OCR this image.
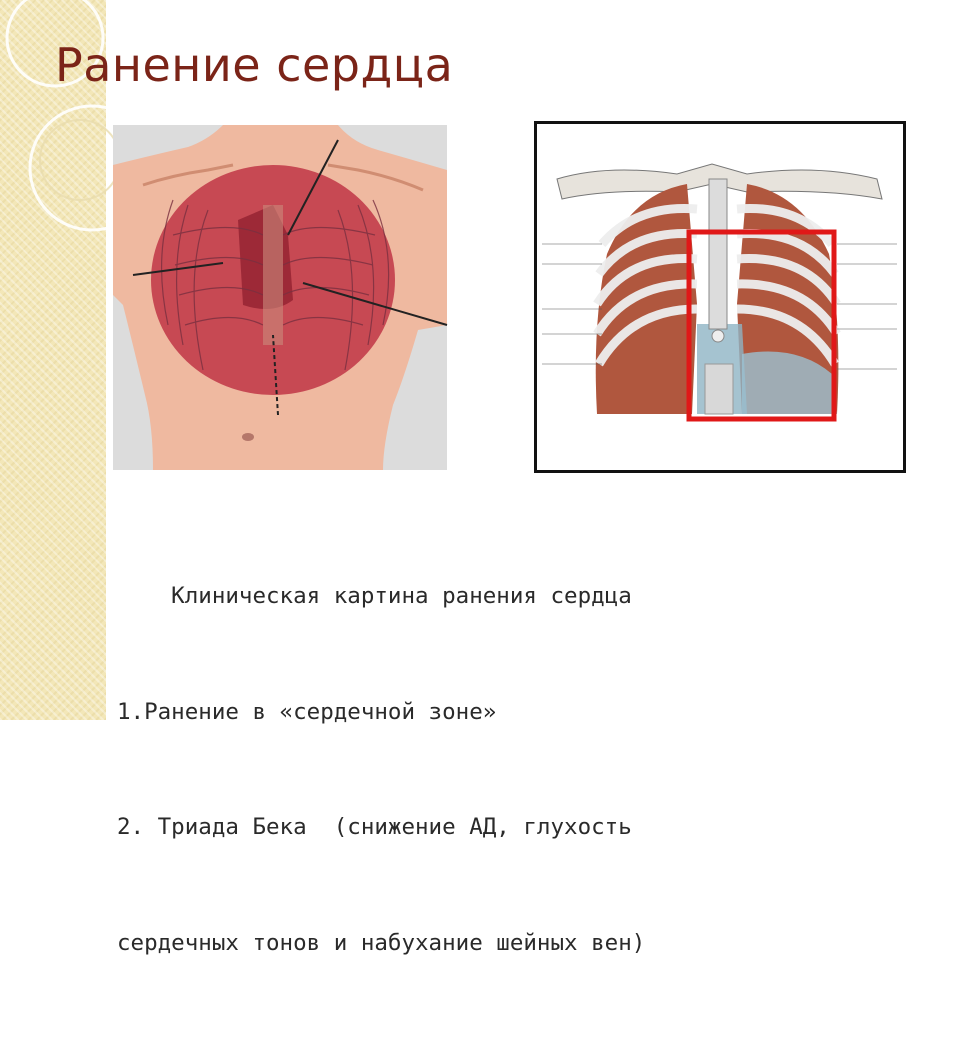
Ранение сердца

Клиническая картина ранения сердца

1.Ранение в «сердечной зоне»

2. Триада Бека  (снижение АД, глухость

сердечных тонов и набухание шейных вен)
